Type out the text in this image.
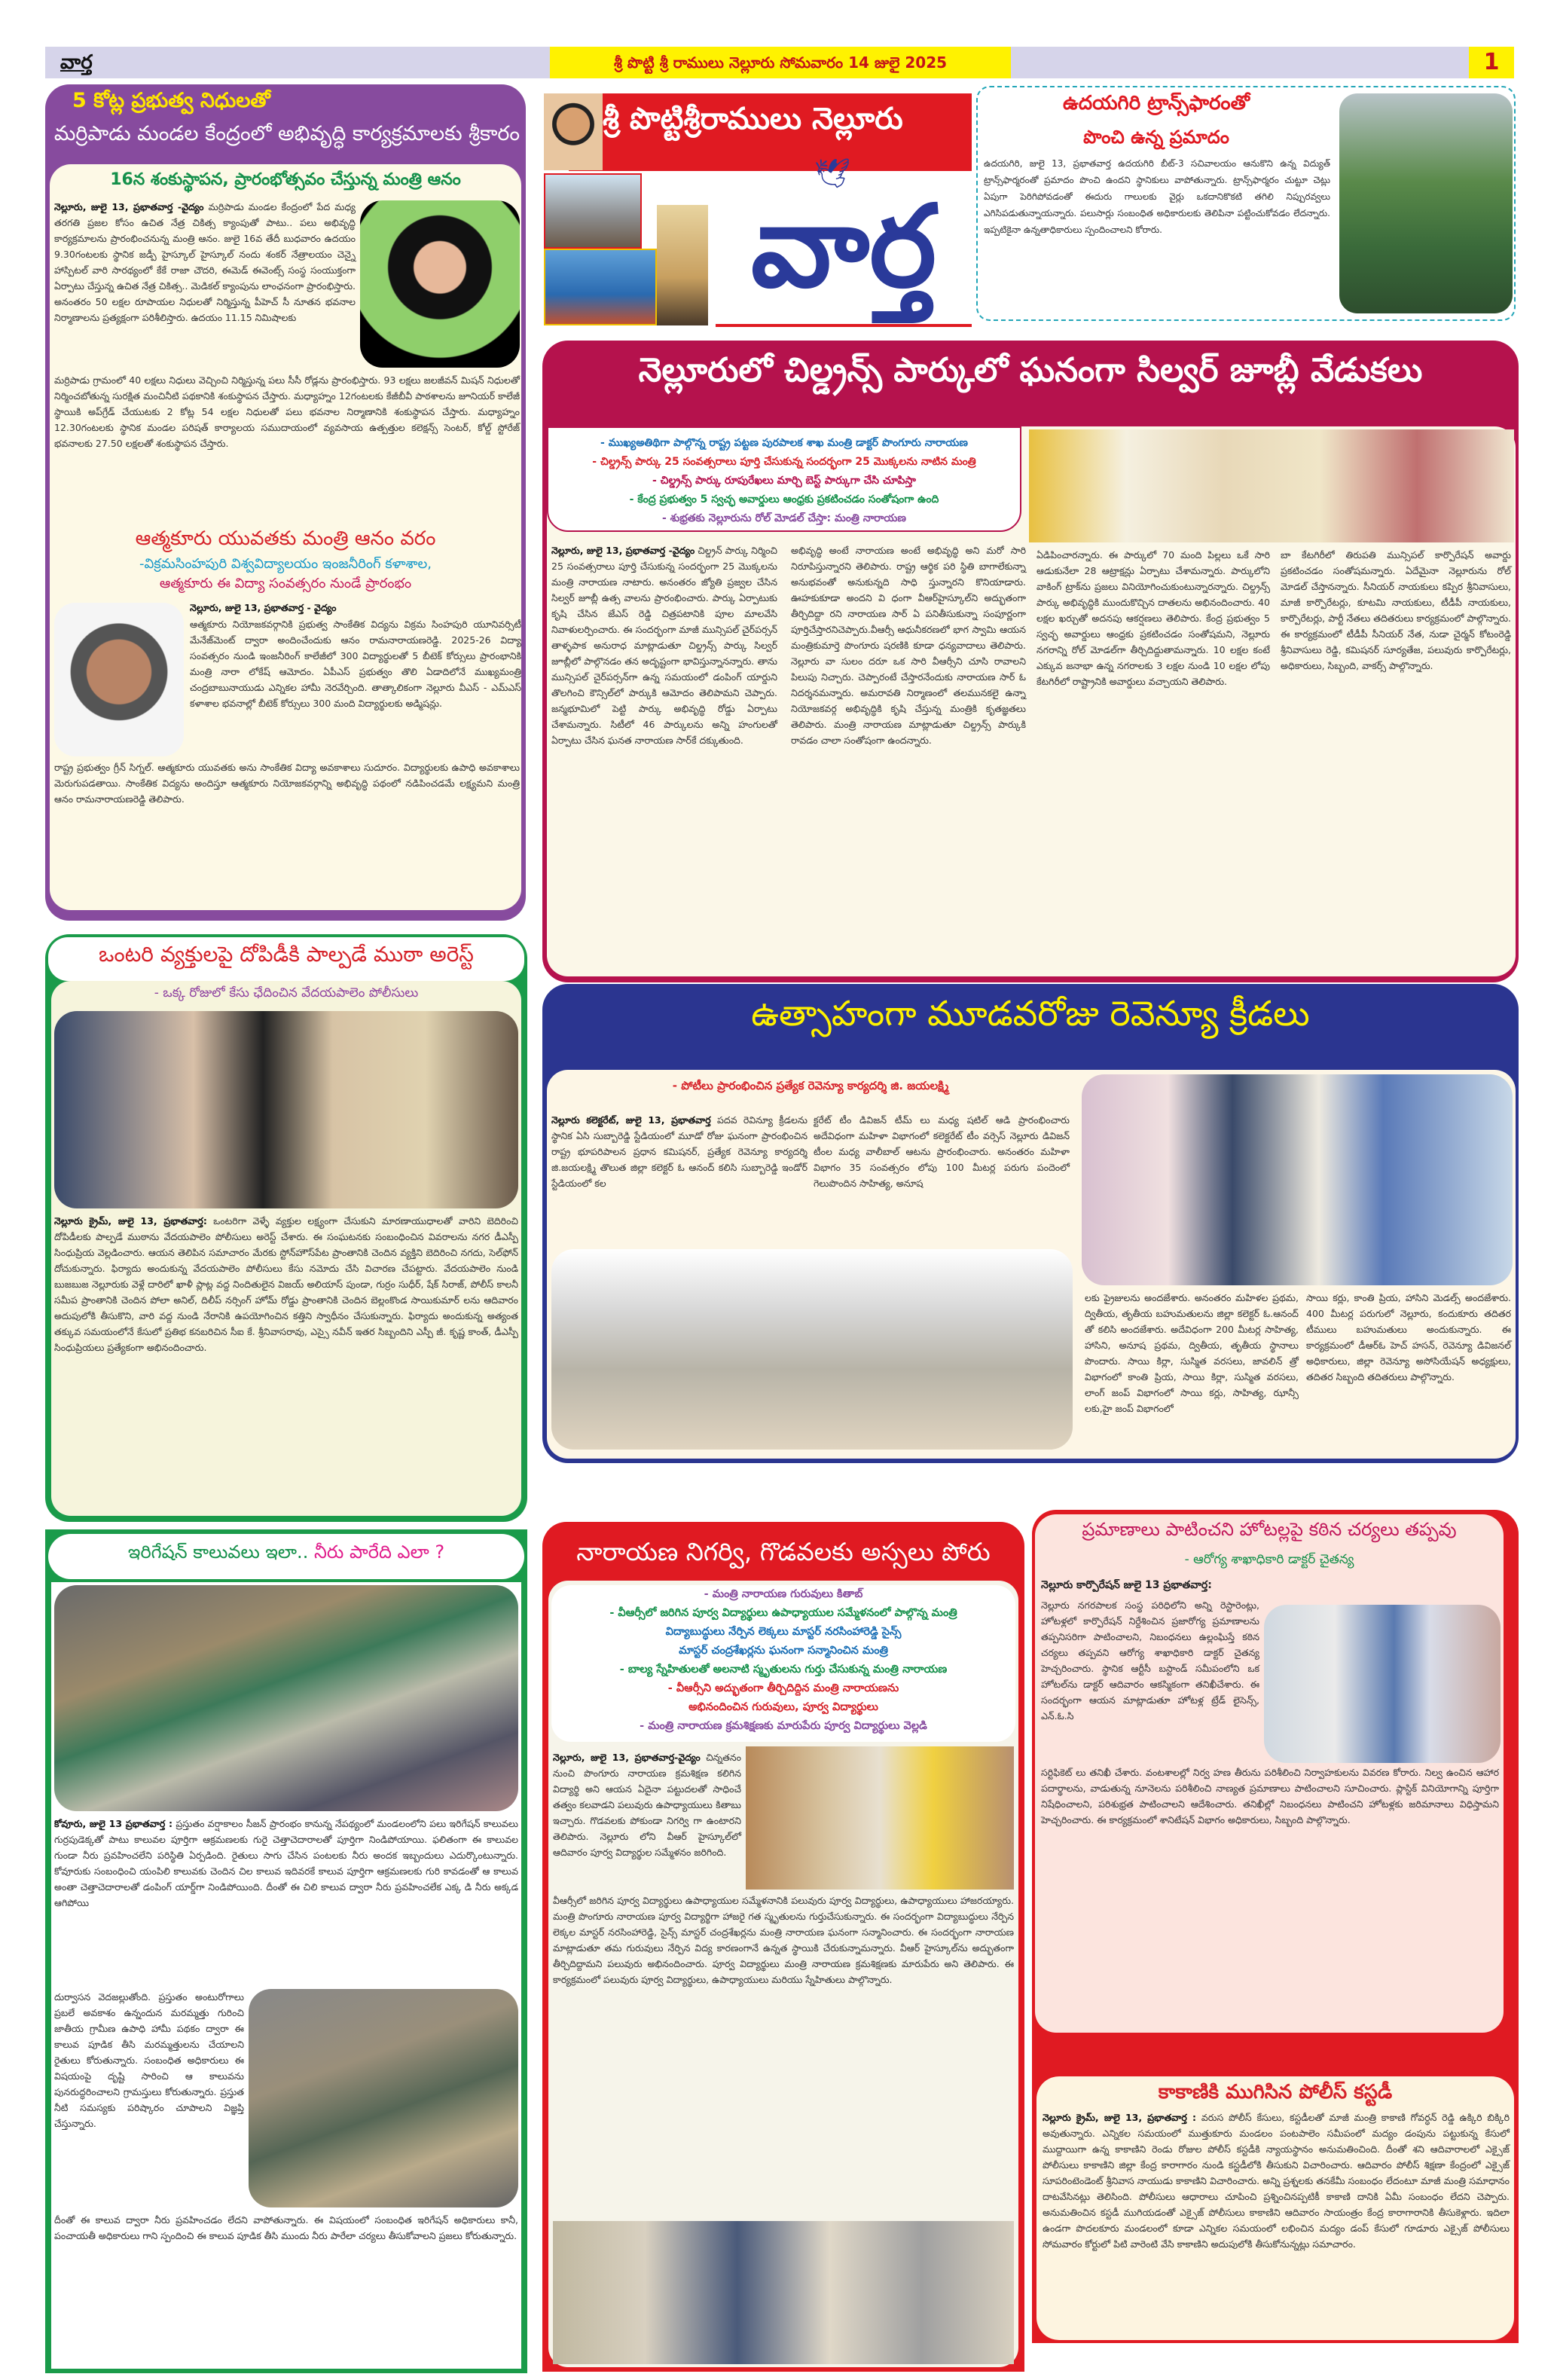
వార్త	శ్రీ పొట్టి శ్రీ రాములు నెల్లూరు సోమవారం 14 జులై 2025	1
5 కోట్ల ప్రభుత్వ నిధులతో
మర్రిపాడు మండల కేంద్రంలో అభివృద్ధి కార్యక్రమాలకు శ్రీకారం
16న శంకుస్థాపన, ప్రారంభోత్సవం చేస్తున్న మంత్రి ఆనం
నెల్లూరు, జులై 13, ప్రభాతవార్త -వైద్యం మర్రిపాడు మండల కేంద్రంలో పేద మధ్య తరగతి ప్రజల కోసం ఉచిత నేత్ర చికిత్స క్యాంపుతో పాటు.. పలు అభివృద్ధి కార్యక్రమాలను ప్రారంభించనున్న మంత్రి ఆనం. జులై 16వ తేదీ బుధవారం ఉదయం 9.30గంటలకు స్థానిక జడ్పీ హైస్కూల్ హైస్కూల్ నందు శంకర్ నేత్రాలయం చెన్నై హాస్పిటల్ వారి సారథ్యంలో కేకే రాజా చౌదరి, ఈమెడ్ ఈవెంట్స్ సంస్థ సంయుక్తంగా ఏర్పాటు చేస్తున్న ఉచిత నేత్ర చికిత్స.. మెడికల్ క్యాంపును లాంఛనంగా ప్రారంభిస్తారు. అనంతరం 50 లక్షల రూపాయల నిధులతో నిర్మిస్తున్న పీహెచ్ సీ నూతన భవనాల నిర్మాణాలను ప్రత్యక్షంగా పరిశీలిస్తారు. ఉదయం 11.15 నిమిషాలకు
మర్రిపాడు గ్రామంలో 40 లక్షలు నిధులు వెచ్చించి నిర్మిస్తున్న పలు సీసీ రోడ్లను ప్రారంభిస్తారు. 93 లక్షలు జలజీవన్ మిషన్ నిధులతో నిర్మించబోతున్న సురక్షిత మంచినీటి పథకానికి శంకుస్థాపన చేస్తారు. మధ్యాహ్నం 12గంటలకు కేజీబీవీ పాఠశాలను జూనియర్ కాలేజీ స్థాయికి అప్‌గ్రేడ్ చేయుటకు 2 కోట్ల 54 లక్షల నిధులతో పలు భవనాల నిర్మాణానికి శంకుస్థాపన చేస్తారు. మధ్యాహ్నం 12.30గంటలకు స్థానిక మండల పరిషత్ కార్యాలయ సముదాయంలో వ్యవసాయ ఉత్పత్తుల కలెక్షన్స్ సెంటర్, కోల్డ్ స్టోరేజ్ భవనాలకు 27.50 లక్షలతో శంకుస్థాపన చేస్తారు.
ఆత్మకూరు యువతకు మంత్రి ఆనం వరం
-విక్రమసింహపురి విశ్వవిద్యాలయం ఇంజనీరింగ్ కళాశాల,
ఆత్మకూరు ఈ విద్యా సంవత్సరం నుండే ప్రారంభం
నెల్లూరు, జులై 13, ప్రభాతవార్త - వైద్యం
ఆత్మకూరు నియోజకవర్గానికి ప్రభుత్వ సాంకేతిక విద్యను విక్రమ సింహపురి యూనివర్సిటీ మేనేజ్‌మెంట్ ద్వారా అందించేందుకు ఆనం రామనారాయణరెడ్డి. 2025-26 విద్యా సంవత్సరం నుండి ఇంజనీరింగ్ కాలేజీలో 300 విద్యార్థులతో 5 బీటెక్ కోర్సులు ప్రారంభానికి మంత్రి నారా లోకేష్ ఆమోదం. ఏపీఎస్ ప్రభుత్వం తొలి ఏడాదిలోనే ముఖ్యమంత్రి చంద్రబాబునాయుడు ఎన్నికల హామీ నెరవేర్చింది. తాత్కాలికంగా నెల్లూరు వీఎస్ - ఎమ్‌ఎస్ కళాశాల భవనాల్లో బీటెక్ కోర్సులు 300 మంది విద్యార్థులకు అడ్మిషన్లు.
రాష్ట్ర ప్రభుత్వం గ్రీన్ సిగ్నల్. ఆత్మకూరు యువతకు అను సాంకేతిక విద్యా అవకాశాలు సుదూరం. విద్యార్థులకు ఉపాధి అవకాశాలు మెరుగుపడతాయి. సాంకేతిక విద్యను అందిస్తూ ఆత్మకూరు నియోజకవర్గాన్ని అభివృద్ధి పథంలో నడిపించడమే లక్ష్యమని మంత్రి ఆనం రామనారాయణరెడ్డి తెలిపారు.
శ్రీ పొట్టిశ్రీరాములు నెల్లూరు
🕊
వార్త
ఉదయగిరి ట్రాన్స్‌ఫారంతో
పొంచి ఉన్న ప్రమాదం
ఉదయగిరి, జులై 13, ప్రభాతవార్త ఉదయగిరి బీట్-3 సచివాలయం ఆనుకొని ఉన్న విద్యుత్ ట్రాన్స్‌ఫార్మరంతో ప్రమాదం పొంచి ఉందని స్థానికులు వాపోతున్నారు. ట్రాన్స్‌ఫార్మరం చుట్టూ చెట్లు ఏపుగా పెరిగిపోవడంతో ఈదురు గాలులకు వైర్లు ఒకదానికొకటి తగిలి నిప్పురవ్వలు ఎగిసిపడుతున్నాయన్నారు. పలుసార్లు సంబంధిత అధికారులకు తెలిపినా పట్టించుకోవడం లేదన్నారు. ఇప్పటికైనా ఉన్నతాధికారులు స్పందించాలని కోరారు.
నెల్లూరులో చిల్డ్రన్స్ పార్కులో ఘనంగా సిల్వర్ జూబ్లీ వేడుకలు
- ముఖ్యఅతిథిగా పాల్గొన్న రాష్ట్ర పట్టణ పురపాలక శాఖ మంత్రి డాక్టర్ పొంగూరు నారాయణ
- చిల్డ్రన్స్ పార్కు 25 సంవత్సరాలు పూర్తి చేసుకున్న సందర్భంగా 25 మొక్కలను నాటిన మంత్రి
- చిల్డ్రన్స్ పార్కు రూపురేఖలు మార్చి బెస్ట్ పార్కుగా చేసి చూపిస్తా
- కేంద్ర ప్రభుత్వం 5 స్వచ్ఛ అవార్డులు ఆంధ్రకు ప్రకటించడం సంతోషంగా ఉంది
- శుభ్రతకు నెల్లూరును రోల్ మోడల్ చేస్తా: మంత్రి నారాయణ
నెల్లూరు, జులై 13, ప్రభాతవార్త -వైద్యం చిల్డ్రన్ పార్కు నిర్మించి 25 సంవత్సరాలు పూర్తి చేసుకున్న సందర్భంగా 25 మొక్కలను మంత్రి నారాయణ నాటారు. అనంతరం జ్యోతి ప్రజ్వల చేసిన సిల్వర్ జూబ్లీ ఉత్స వాలను ప్రారంభించారు. పార్కు ఏర్పాటుకు కృషి చేసిన జేఎస్ రెడ్డి చిత్రపటానికి పూల మాలవేసి నివాళులర్పించారు. ఈ సందర్భంగా మాజీ మున్సిపల్ చైర్‌పర్సన్ తాళ్ళపాక అనురాధ మాట్లాడుతూ చిల్డ్రన్స్ పార్కు సిల్వర్ జూబ్లీలో పాల్గొనడం తన అదృష్టంగా భావిస్తున్నానన్నారు. తాను మున్సిపల్ చైర్‌పర్సన్‌గా ఉన్న సమయంలో డంపింగ్ యార్డుని తొలగించి కౌన్సిల్‌లో పార్కుకి ఆమోదం తెలిపామని చెప్పారు. జన్మభూమిలో పెట్టి పార్కు అభివృద్ధి రోడ్డు ఏర్పాటు చేశామన్నారు. సిటీలో 46 పార్కులను అన్ని హంగులతో ఏర్పాటు చేసిన ఘనత నారాయణ సార్‌కే దక్కుతుంది.
అభివృద్ధి అంటే నారాయణ అంటే అభివృద్ధి అని మరో సారి నిరూపిస్తున్నారని తెలిపారు. రాష్ట్ర ఆర్థిక పరి స్థితి బాగాలేకున్నా అనుభవంతో అనుకున్నది సాధి స్తున్నారని కొనియాడారు. ఊహకుకూడా అందని వి ధంగా వీఆర్‌హైస్కూల్‌ని అద్భుతంగా తీర్చిదిద్దా రని నారాయణ సార్ ఏ పనితీసుకున్నా సంపూర్ణంగా పూర్తిచేస్తారనిచెప్పారు.వీఆర్సీ ఆధునీకరణలో భాగ స్వామి ఆయన మంత్రికుమార్తె పొంగూరు షరణికి కూడా ధన్యవాదాలు తెలిపారు. నెల్లూరు వా సులం దరూ ఒక సారి వీఆర్సీని చూసి రావాలని పిలుపు నిచ్చారు. చెప్పారంటే చేస్తారనేందుకు నారాయణ సార్ ఓ నిదర్శనమన్నారు. అమరావతి నిర్మాణంలో తలమునకలై ఉన్నా నియోజకవర్గ అభివృద్ధికి కృషి చేస్తున్న మంత్రికి కృతజ్ఞతలు తెలిపారు. మంత్రి నారాయణ మాట్లాడుతూ చిల్డ్రన్స్ పార్కుకి రావడం చాలా సంతోషంగా ఉందన్నారు.
ఏడిపించారన్నారు. ఈ పార్కులో 70 మంది పిల్లలు ఒకే సారి ఆడుకునేలా 28 ఆట్రాక్షన్లు ఏర్పాటు చేశామన్నారు. పార్కులోని వాకింగ్ ట్రాక్‌ను ప్రజలు వినియోగించుకుంటున్నారన్నారు. చిల్డ్రన్స్ పార్కు అభివృద్ధికి ముందుకొచ్చిన దాతలను అభినందించారు. 40 లక్షల ఖర్చుతో అదనపు ఆకర్షణలు తెలిపారు. కేంద్ర ప్రభుత్వం 5 స్వచ్ఛ అవార్డులు ఆంధ్రకు ప్రకటించడం సంతోషమని, నెల్లూరు నగరాన్ని రోల్ మోడల్‌గా తీర్చిదిద్దుతామన్నారు. 10 లక్షల కంటే ఎక్కువ జనాభా ఉన్న నగరాలకు 3 లక్షల నుండి 10 లక్షల లోపు కేటగిరీలో రాష్ట్రానికి అవార్డులు వచ్చాయని తెలిపారు.
బా కేటగిరీలో తిరుపతి మున్సిపల్ కార్పొరేషన్ అవార్డు ప్రకటించడం సంతోషమన్నారు. ఏదేమైనా నెల్లూరును రోల్ మోడల్ చేస్తానన్నారు. సీనియర్ నాయకులు కప్పిర శ్రీనివాసులు, మాజీ కార్పొరేటర్లు, కూటమి నాయకులు, టీడీపీ నాయకులు, కార్పొరేటర్లు, పార్టీ నేతలు తదితరులు కార్యక్రమంలో పాల్గొన్నారు. ఈ కార్యక్రమంలో టీడీపీ సీనియర్ నేత, నుడా చైర్మన్ కోటంరెడ్డి శ్రీనివాసులు రెడ్డి, కమిషనర్ సూర్యతేజ, పలువురు కార్పొరేటర్లు, అధికారులు, సిబ్బంది, వాకర్స్ పాల్గొన్నారు.
ఉత్సాహంగా మూడవరోజు రెవెన్యూ క్రీడలు
- పోటీలు ప్రారంభించిన ప్రత్యేక రెవెన్యూ కార్యదర్శి జి. జయలక్ష్మి
నెల్లూరు కలెక్టరేట్, జులై 13, ప్రభాతవార్త పదవ రెవిన్యూ క్రీడలను స్థానిక ఏసి సుబ్బారెడ్డి స్టేడియంలో మూడో రోజు ఘనంగా ప్రారంభించిన రాష్ట్ర భూపరిపాలన ప్రధాన కమిషనర్, ప్రత్యేక రెవెన్యూ కార్యదర్శి జి.జయలక్ష్మి తొలుత జిల్లా కలెక్టర్ ఓ ఆనంద్ కలిసి సుబ్బారెడ్డి ఇండోర్ స్టేడియంలో కల
క్టరేట్ టీం డివిజన్ టీమ్ లు మధ్య షటిల్ ఆడి ప్రారంభించారు అదేవిధంగా మహిళా విభాగంలో కలెక్టరేట్ టీం వర్సెస్ నెల్లూరు డివిజన్ టీంల మధ్య వాలీబాల్ ఆటను ప్రారంభించారు. అనంతరం మహిళా విభాగం 35 సంవత్సరం లోపు 100 మీటర్ల పరుగు పందెంలో గెలుపొందిన సాహిత్య, అనూష
లకు ప్రైజులను అందజేశారు. అనంతరం మహిళల ప్రథమ, ద్వితీయ, తృతీయ బహుమతులను జిల్లా కలెక్టర్ ఓ.ఆనంద్ తో కలిసి అందజేశారు. అదేవిధంగా 200 మీటర్ల సాహిత్య, హాసిని, అనూష ప్రథమ, ద్వితీయ, తృతీయ స్థానాలు పొందారు. సాయి కిర్లా, సుస్మిత వరసలు, జావలిన్ త్రో విభాగంలో కాంతి ప్రియ, సాయి కిర్లా, సుస్మిత వరసలు, లాంగ్ జంప్ విభాగంలో సాయి కర్లు, సాహిత్య, ఝాన్సీ లకు,హై జంప్ విభాగంలో
సాయి కర్లు, కాంతి ప్రియ, హాసిని మెడల్స్ అందజేశారు. 400 మీటర్ల పరుగులో నెల్లూరు, కందుకూరు తదితర టీములు బహుమతులు అందుకున్నారు. ఈ కార్యక్రమంలో డీఆర్ఓ హెచ్ హసన్, రెవెన్యూ డివిజనల్ అధికారులు, జిల్లా రెవెన్యూ అసోసియేషన్ అధ్యక్షులు, తదితర సిబ్బంది తదితరులు పాల్గొన్నారు.
ఒంటరి వ్యక్తులపై దోపిడీకి పాల్పడే ముఠా అరెస్ట్
- ఒక్క రోజులో కేసు ఛేదించిన వేదయపాలెం పోలీసులు
నెల్లూరు క్రైమ్, జులై 13, ప్రభాతవార్త: ఒంటరిగా వెళ్ళే వ్యక్తుల లక్ష్యంగా చేసుకుని మారణాయుధాలతో వారిని బెదిరించి దోపిడీలకు పాల్పడే ముఠాను వేదయపాలెం పోలీసులు అరెస్ట్ చేశారు. ఈ సంఘటనకు సంబంధించిన వివరాలను నగర డీఎస్పీ సింధుప్రియ వెల్లడించారు. ఆయన తెలిపిన సమాచారం మేరకు స్టోన్‌హౌస్‌పేట ప్రాంతానికి చెందిన వ్యక్తిని బెదిరించి నగదు, సెల్‌ఫోన్ దోచుకున్నారు. ఫిర్యాదు అందుకున్న వేదయపాలెం పోలీసులు కేసు నమోదు చేసి విచారణ చేపట్టారు. వేదయపాలెం నుండి బుజబుజ నెల్లూరుకు వెళ్లే దారిలో ఖాళీ ప్లాట్ల వద్ద నిందితులైన విజయ్ అలియాస్ పుండా, గుర్రం సుధీర్, షేక్ సిరాజ్, పోలీస్ కాలనీ సమీప ప్రాంతానికి చెందిన పోలా అనిల్, దిలీప్ నర్సింగ్ హోమ్ రోడ్డు ప్రాంతానికి చెందిన బెల్లంకొండ సాయికుమార్ లను ఆదివారం అదుపులోకి తీసుకొని, వారి వద్ద నుండి నేరానికి ఉపయోగించిన కత్తిని స్వాధీనం చేసుకున్నారు. ఫిర్యాదు అందుకున్న అత్యంత తక్కువ సమయంలోనే కేసులో ప్రతిభ కనబరిచిన సీఐ కే. శ్రీనివాసరావు, ఎస్సై నవీన్ ఇతర సిబ్బందిని ఎస్పీ జీ. కృష్ణ కాంత్, డీఎస్పీ సింధుప్రియలు ప్రత్యేకంగా అభినందించారు.
ఇరిగేషన్ కాలువలు ఇలా.. నీరు పారేది ఎలా ?
కోవూరు, జులై 13 ప్రభాతవార్త : ప్రస్తుతం వర్షాకాలం సీజన్ ప్రారంభం కానున్న నేపథ్యంలో మండలంలోని పలు ఇరిగేషన్ కాలువలు గుర్రపుడెక్కతో పాటు కాలువల పూర్తిగా ఆక్రమణలకు గురై చెత్తాచెదారాలతో పూర్తిగా నిండిపోయాయి. ఫలితంగా ఈ కాలువల గుండా నీరు ప్రవహించలేని పరిస్థితి ఏర్పడింది. రైతులు సాగు చేసిన పంటలకు నీరు అందక ఇబ్బందులు ఎదుర్కొంటున్నారు. కోవూరుకు సంబంధించి యంపిలి కాలువకు చెందిన చిల కాలువ ఇదివరకే కాలువ పూర్తిగా ఆక్రమణలకు గురి కావడంతో ఆ కాలువ అంతా చెత్తాచెదారాలతో డంపింగ్ యార్డ్‌గా నిండిపోయింది. దీంతో ఈ చిలి కాలువ ద్వారా నీరు ప్రవహించలేక ఎక్క డి నీరు అక్కడ ఆగిపోయి
దుర్వాసన వెదజల్లుతోంది. ప్రస్తుతం అంటురోగాలు ప్రబలే అవకాశం ఉన్నందున మరమ్మత్తు గురించి జాతీయ గ్రామీణ ఉపాధి హామీ పథకం ద్వారా ఈ కాలువ పూడిక తీసి మరమ్మత్తులను చేయాలని రైతులు కోరుతున్నారు. సంబంధిత అధికారులు ఈ విషయంపై దృష్టి సారించి ఆ కాలువను పునరుద్ధరించాలని గ్రామస్తులు కోరుతున్నారు. ప్రస్తుత నీటి సమస్యకు పరిష్కారం చూపాలని విజ్ఞప్తి చేస్తున్నారు.
దీంతో ఈ కాలువ ద్వారా నీరు ప్రవహించడం లేదని వాపోతున్నారు. ఈ విషయంలో సంబంధిత ఇరిగేషన్ అధికారులు కానీ, పంచాయతీ అధికారులు గాని స్పందించి ఈ కాలువ పూడిక తీసి ముందు నీరు పారేలా చర్యలు తీసుకోవాలని ప్రజలు కోరుతున్నారు.
నారాయణ నిగర్వి, గొడవలకు అస్సలు పోరు
- మంత్రి నారాయణ గురువులు కితాబ్
- వీఆర్సీలో జరిగిన పూర్వ విద్యార్థులు ఉపాధ్యాయుల సమ్మేళనంలో పాల్గొన్న మంత్రి
విద్యాబుద్ధులు నేర్పిన లెక్కలు మాస్టర్ నరసింహారెడ్డి సైన్స్
మాస్టర్ చంద్రశేఖర్లను ఘనంగా సన్మానించిన మంత్రి
- బాల్య స్నేహితులతో అలనాటి స్మృతులను గుర్తు చేసుకున్న మంత్రి నారాయణ
- వీఆర్సీని అద్భుతంగా తీర్చిదిద్దిన మంత్రి నారాయణను
అభినందించిన గురువులు, పూర్వ విద్యార్థులు
- మంత్రి నారాయణ క్రమశిక్షణకు మారుపేరు పూర్వ విద్యార్థులు వెల్లడి
నెల్లూరు, జులై 13, ప్రభాతవార్త-వైద్యం చిన్నతనం నుంచి పొంగూరు నారాయణ క్రమశిక్షణ కలిగిన విద్యార్థి అని ఆయన ఏదైనా పట్టుదలతో సాధించే తత్వం కలవాడని పలువురు ఉపాధ్యాయులు కితాబు ఇచ్చారు. గొడవలకు పోకుండా నిగర్వి గా ఉంటారని తెలిపారు. నెల్లూరు లోని వీఆర్ హైస్కూల్‌లో ఆదివారం పూర్వ విద్యార్థుల సమ్మేళనం జరిగింది.
వీఆర్సీలో జరిగిన పూర్వ విద్యార్థులు ఉపాధ్యాయుల సమ్మేళనానికి పలువురు పూర్వ విద్యార్థులు, ఉపాధ్యాయులు హాజరయ్యారు. మంత్రి పొంగూరు నారాయణ పూర్వ విద్యార్థిగా హాజరై గత స్మృతులను గుర్తుచేసుకున్నారు. ఈ సందర్భంగా విద్యాబుద్ధులు నేర్పిన లెక్కల మాస్టర్ నరసింహారెడ్డి, సైన్స్ మాస్టర్ చంద్రశేఖర్లను మంత్రి నారాయణ ఘనంగా సన్మానించారు. ఈ సందర్భంగా నారాయణ మాట్లాడుతూ తమ గురువులు నేర్పిన విద్య కారణంగానే ఉన్నత స్థాయికి చేరుకున్నామన్నారు. వీఆర్ హైస్కూల్‌ను అద్భుతంగా తీర్చిదిద్దామని పలువురు అభినందించారు. పూర్వ విద్యార్థులు మంత్రి నారాయణ క్రమశిక్షణకు మారుపేరు అని తెలిపారు. ఈ కార్యక్రమంలో పలువురు పూర్వ విద్యార్థులు, ఉపాధ్యాయులు మరియు స్నేహితులు పాల్గొన్నారు.
ప్రమాణాలు పాటించని హోటల్లపై కఠిన చర్యలు తప్పవు
- ఆరోగ్య శాఖాధికారి డాక్టర్ చైతన్య
నెల్లూరు కార్పొరేషన్ జులై 13 ప్రభాతవార్త:
నెల్లూరు నగరపాలక సంస్థ పరిధిలోని అన్ని రెస్టారెంట్లు, హోటళ్లలో కార్పొరేషన్ నిర్దేశించిన ప్రజారోగ్య ప్రమాణాలను తప్పనిసరిగా పాటించాలని, నిబంధనలు ఉల్లంఘిస్తే కఠిన చర్యలు తప్పవని ఆరోగ్య శాఖాధికారి డాక్టర్ చైతన్య హెచ్చరించారు. స్థానిక ఆర్టీసీ బస్టాండ్ సమీపంలోని ఒక హోటల్‌ను డాక్టర్ ఆదివారం ఆకస్మికంగా తనిఖీచేశారు. ఈ సందర్భంగా ఆయన మాట్లాడుతూ హోటళ్ల ట్రేడ్ లైసెన్స్, ఎన్.ఓ.సి
సర్టిఫికెట్ లు తనిఖీ చేశారు. వంటశాలల్లో నిర్వ హణ తీరును పరిశీలించి నిర్వాహకులను వివరణ కోరారు. నిల్వ ఉంచిన ఆహార పదార్థాలను, వాడుతున్న నూనెలను పరిశీలించి నాణ్యత ప్రమాణాలు పాటించాలని సూచించారు. ప్లాస్టిక్ వినియోగాన్ని పూర్తిగా నిషేధించాలని, పరిశుభ్రత పాటించాలని ఆదేశించారు. తనిఖీల్లో నిబంధనలు పాటించని హోటళ్లకు జరిమానాలు విధిస్తామని హెచ్చరించారు. ఈ కార్యక్రమంలో శానిటేషన్ విభాగం అధికారులు, సిబ్బంది పాల్గొన్నారు.
కాకాణికి ముగిసిన పోలీస్ కస్టడీ
నెల్లూరు క్రైమ్, జులై 13, ప్రభాతవార్త : వరుస పోలీస్ కేసులు, కస్టడీలతో మాజీ మంత్రి కాకాణి గోవర్ధన్ రెడ్డి ఉక్కిరి బిక్కిరి అవుతున్నారు. ఎన్నికల సమయంలో ముత్తుకూరు మండలం పంటపాలెం సమీపంలో మద్యం డంపును పట్టుకున్న కేసులో ముద్దాయిగా ఉన్న కాకాణిని రెండు రోజుల పోలీస్ కస్టడీకి న్యాయస్థానం అనుమతించింది. దీంతో శని ఆదివారాలలో ఎక్సైజ్ పోలీసులు కాకాణిని జిల్లా కేంద్ర కారాగారం నుండి కస్టడీలోకి తీసుకుని విచారించారు. ఆదివారం పోలీస్ శిక్షణా కేంద్రంలో ఎక్సైజ్ సూపరింటెండెంట్ శ్రీనివాస నాయుడు కాకాణిని విచారించారు. అన్ని ప్రశ్నలకు తనకేమీ సంబంధం లేదంటూ మాజీ మంత్రి సమాధానం దాటవేసినట్లు తెలిసింది. పోలీసులు ఆధారాలు చూపించి ప్రశ్నించినప్పటికీ కాకాణి దానికి ఏమీ సంబంధం లేదని చెప్పారు. అనుమతించిన కస్టడీ ముగియడంతో ఎక్సైజ్ పోలీసులు కాకాణిని ఆదివారం సాయంత్రం కేంద్ర కారాగారానికి తీసుకెళ్లారు. ఇదిలా ఉండగా పొదలకూరు మండలంలో కూడా ఎన్నికల సమయంలో లభించిన మద్యం డంప్ కేసులో గూడూరు ఎక్సైజ్ పోలీసులు సోమవారం కోర్టులో పిటి వారెంటి వేసి కాకాణిని అదుపులోకి తీసుకోనున్నట్లు సమాచారం.
